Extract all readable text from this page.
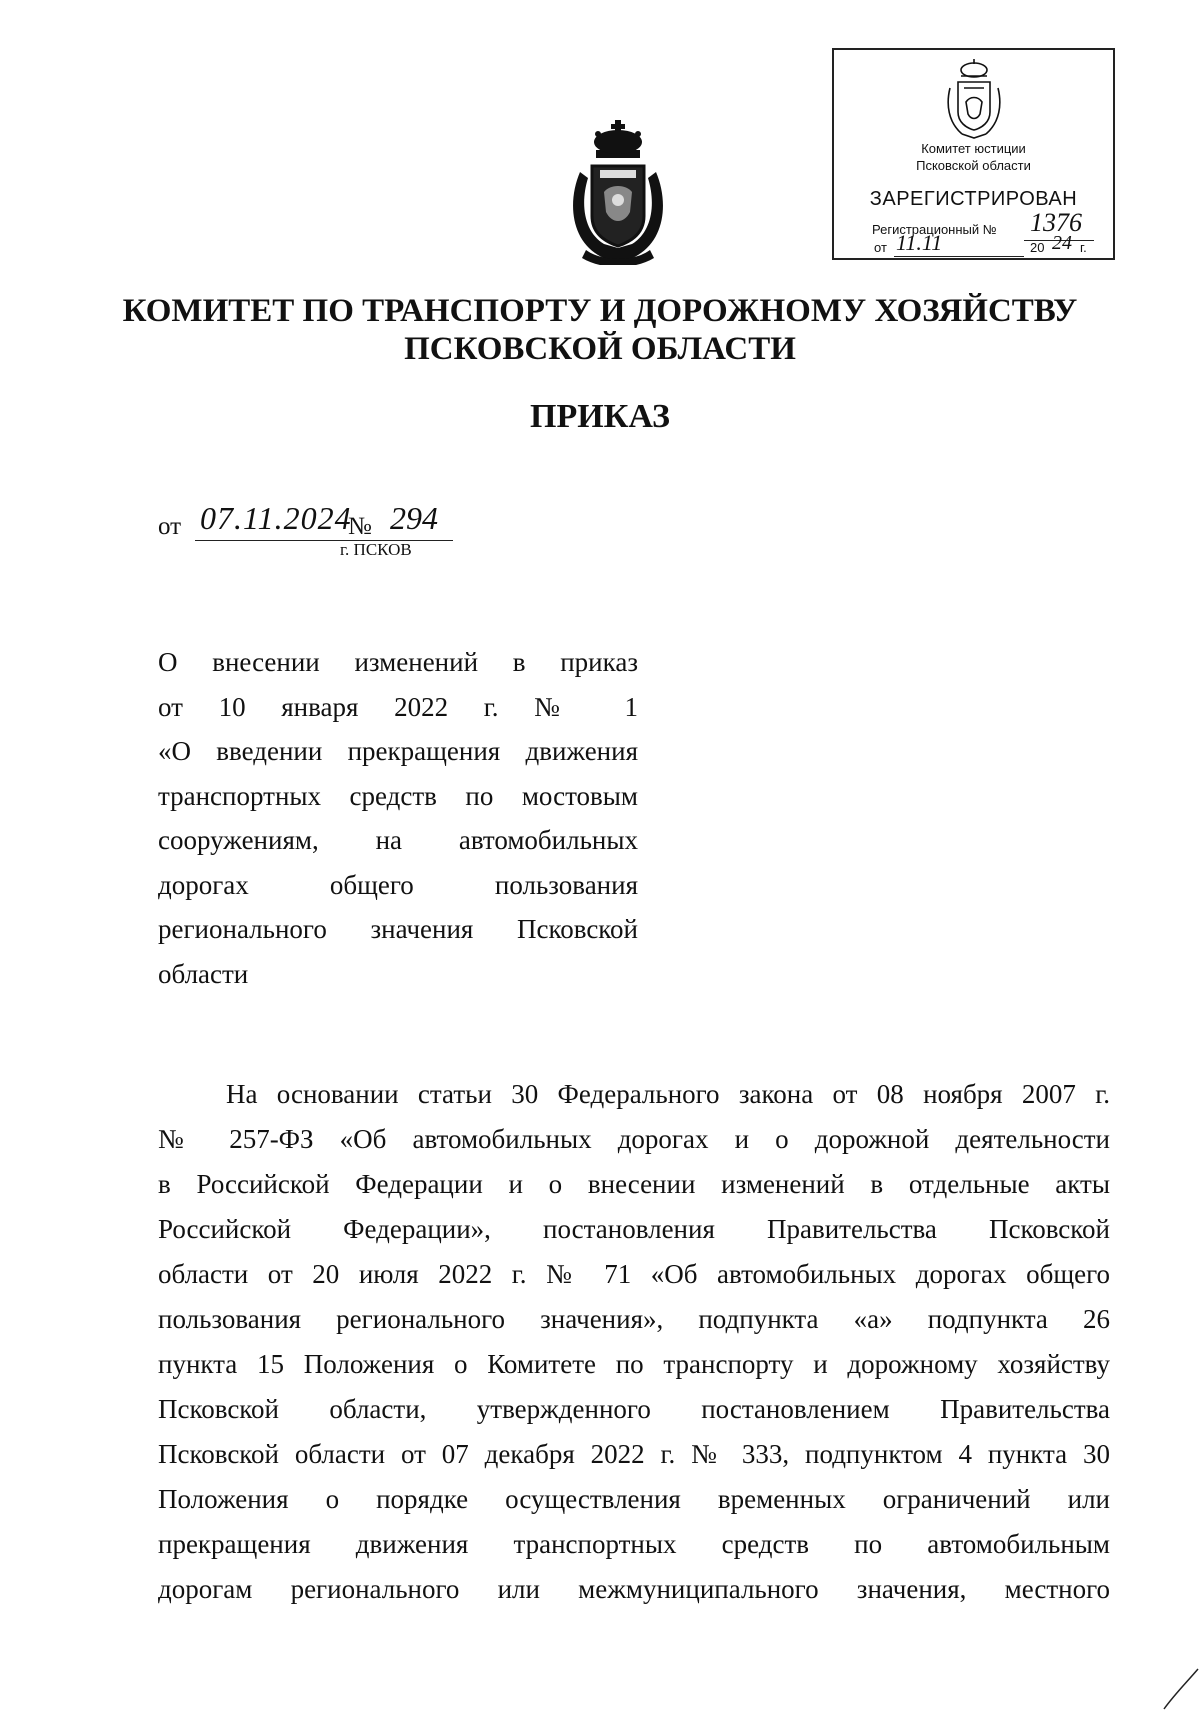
Комитет юстиции
Псковской области
ЗАРЕГИСТРИРОВАН
Регистрационный № 1376
от 11.11	20 24 г.
КОМИТЕТ ПО ТРАНСПОРТУ И ДОРОЖНОМУ ХОЗЯЙСТВУ ПСКОВСКОЙ ОБЛАСТИ
ПРИКАЗ
от 07.11.2024
№ 294
г. ПСКОВ
О внесении изменений в приказ
от 10 января 2022 г. № 1
«О введении прекращения движения
транспортных средств по мостовым
сооружениям, на автомобильных
дорогах общего пользования
регионального значения Псковской
области
На основании статьи 30 Федерального закона от 08 ноября 2007 г.
№ 257-ФЗ «Об автомобильных дорогах и о дорожной деятельности
в Российской Федерации и о внесении изменений в отдельные акты
Российской Федерации», постановления Правительства Псковской
области от 20 июля 2022 г. № 71 «Об автомобильных дорогах общего
пользования регионального значения», подпункта «а» подпункта 26
пункта 15 Положения о Комитете по транспорту и дорожному хозяйству
Псковской области, утвержденного постановлением Правительства
Псковской области от 07 декабря 2022 г. № 333, подпунктом 4 пункта 30
Положения о порядке осуществления временных ограничений или
прекращения движения транспортных средств по автомобильным
дорогам регионального или межмуниципального значения, местного
